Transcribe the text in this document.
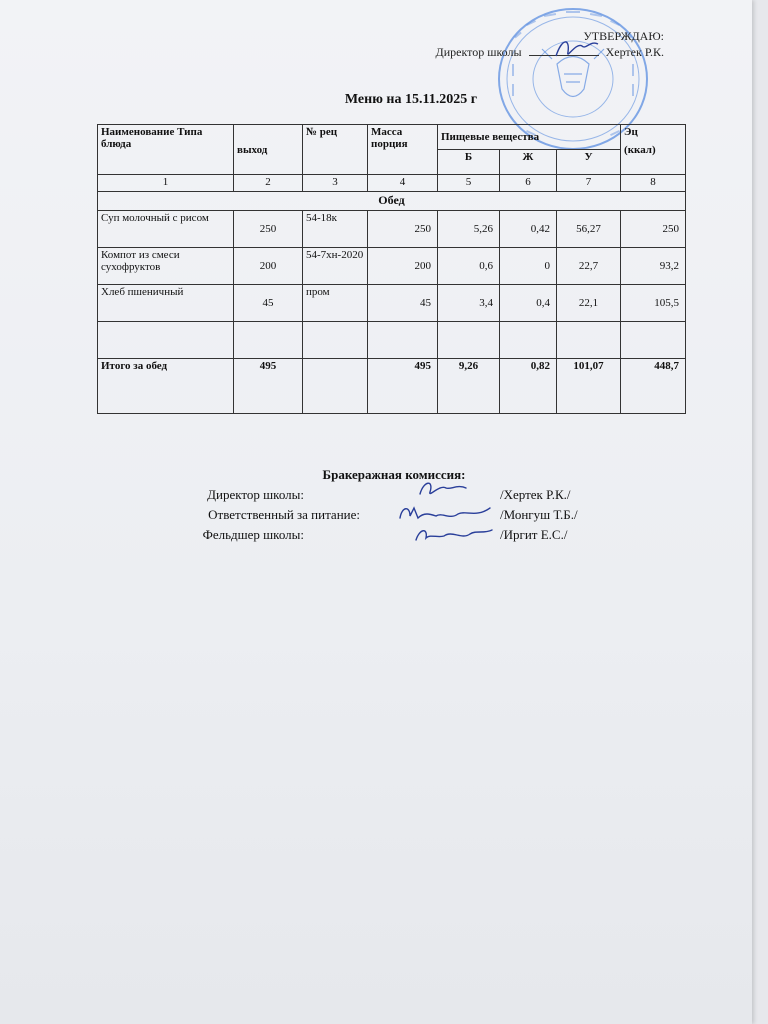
УТВЕРЖДАЮ:
Директор школы	Хертек Р.К.
Меню на 15.11.2025 г
Наименование Типа блюда	выход	№ рец	Масса порция	Пищевые вещества			Эц
(ккал)

				Б	Ж	У	
1	2	3	4	5	6	7	8
Обед							
Суп молочный с рисом	250	54-18к	250	5,26	0,42	56,27	250
Компот из смеси сухофруктов	200	54-7хн-2020	200	0,6	0	22,7	93,2
Хлеб пшеничный	45	пром	45	3,4	0,4	22,1	105,5

Итого за обед	495		495	9,26	0,82	101,07	448,7
Бракеражная комиссия:
Директор школы:	/Хертек Р.К./
Ответственный за питание:	/Монгуш Т.Б./
Фельдшер школы:	/Иргит Е.С./
